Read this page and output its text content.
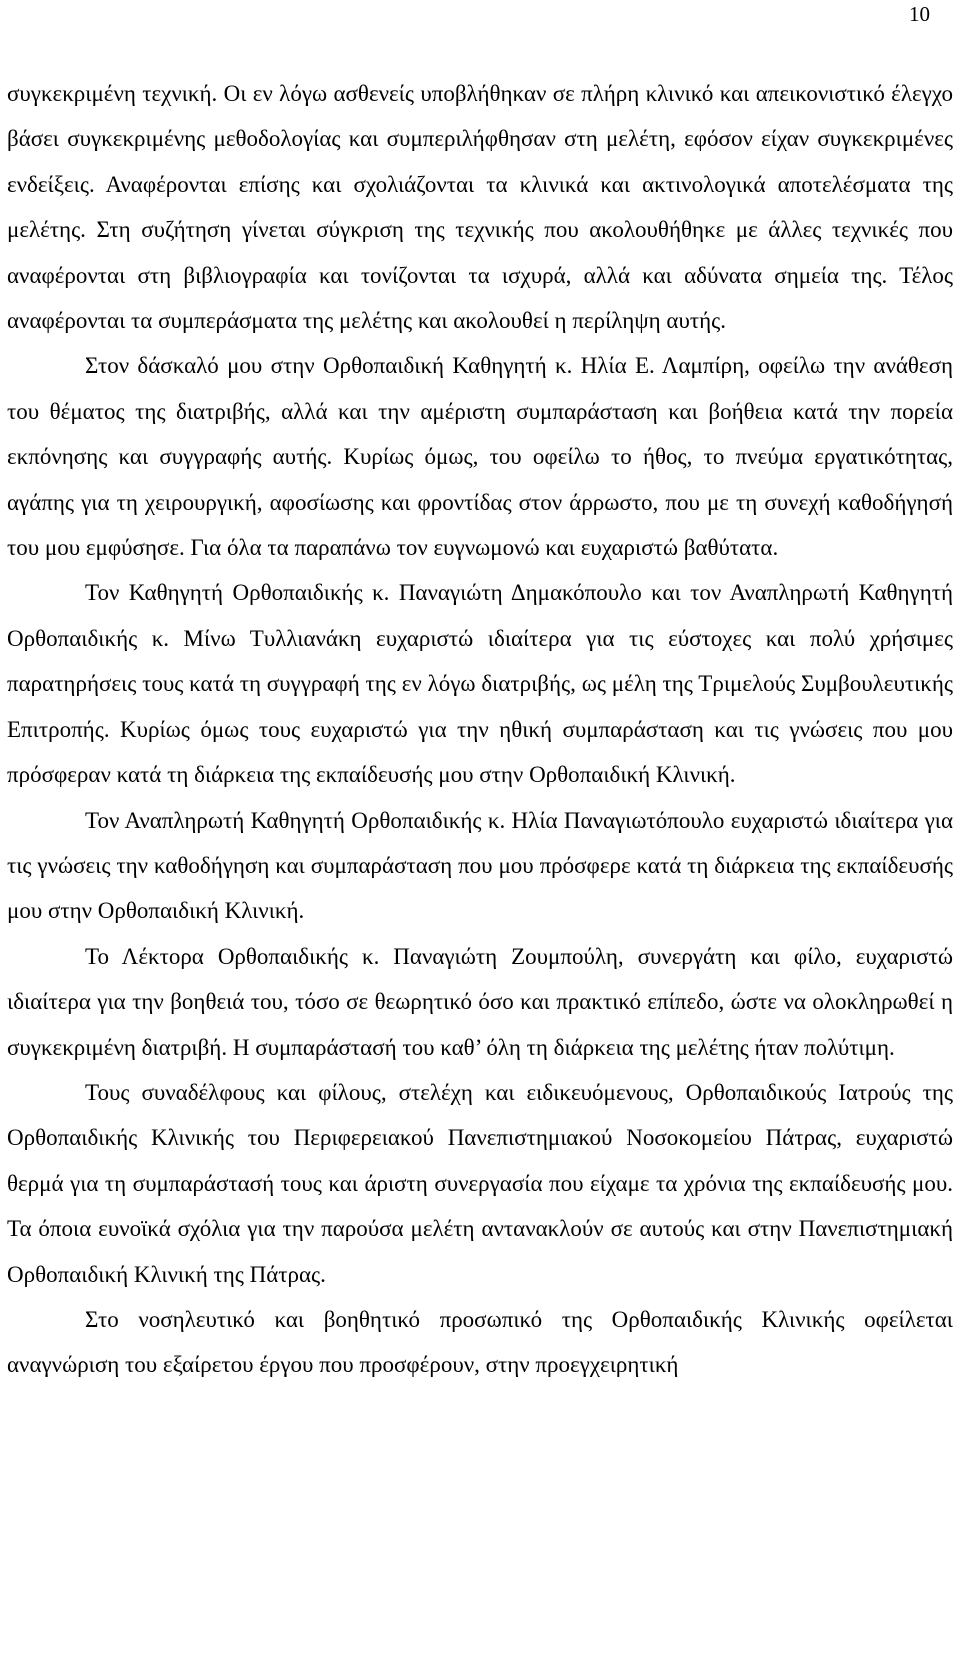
10

συγκεκριμένη τεχνική. Οι εν λόγω ασθενείς υποβλήθηκαν σε πλήρη κλινικό και απεικονιστικό έλεγχο βάσει συγκεκριμένης μεθοδολογίας και συμπεριλήφθησαν στη μελέτη, εφόσον είχαν συγκεκριμένες ενδείξεις. Αναφέρονται επίσης και σχολιάζονται τα κλινικά και ακτινολογικά αποτελέσματα της μελέτης. Στη συζήτηση γίνεται σύγκριση της τεχνικής που ακολουθήθηκε με άλλες τεχνικές που αναφέρονται στη βιβλιογραφία και τονίζονται τα ισχυρά, αλλά και αδύνατα σημεία της. Τέλος αναφέρονται τα συμπεράσματα της μελέτης και ακολουθεί η περίληψη αυτής.

Στον δάσκαλό μου στην Ορθοπαιδική Καθηγητή κ. Ηλία Ε. Λαμπίρη, οφείλω την ανάθεση του θέματος της διατριβής, αλλά και την αμέριστη συμπαράσταση και βοήθεια κατά την πορεία εκπόνησης και συγγραφής αυτής. Κυρίως όμως, του οφείλω το ήθος, το πνεύμα εργατικότητας, αγάπης για τη χειρουργική, αφοσίωσης και φροντίδας στον άρρωστο, που με τη συνεχή καθοδήγησή του μου εμφύσησε. Για όλα τα παραπάνω τον ευγνωμονώ και ευχαριστώ βαθύτατα.

Τον Καθηγητή Ορθοπαιδικής κ. Παναγιώτη Δημακόπουλο και τον Αναπληρωτή Καθηγητή Ορθοπαιδικής κ. Μίνω Τυλλιανάκη ευχαριστώ ιδιαίτερα για τις εύστοχες και πολύ χρήσιμες παρατηρήσεις τους κατά τη συγγραφή της εν λόγω διατριβής, ως μέλη της Τριμελούς Συμβουλευτικής Επιτροπής. Κυρίως όμως τους ευχαριστώ για την ηθική συμπαράσταση και τις γνώσεις που μου πρόσφεραν κατά τη διάρκεια της εκπαίδευσής μου στην Ορθοπαιδική Κλινική.

Τον Αναπληρωτή Καθηγητή Ορθοπαιδικής κ. Ηλία Παναγιωτόπουλο ευχαριστώ ιδιαίτερα για τις γνώσεις την καθοδήγηση και συμπαράσταση που μου πρόσφερε κατά τη διάρκεια της εκπαίδευσής μου στην Ορθοπαιδική Κλινική.

Το Λέκτορα Ορθοπαιδικής κ. Παναγιώτη Ζουμπούλη, συνεργάτη και φίλο, ευχαριστώ ιδιαίτερα για την βοηθειά του, τόσο σε θεωρητικό όσο και πρακτικό επίπεδο, ώστε να ολοκληρωθεί η συγκεκριμένη διατριβή. Η συμπαράστασή του καθ’ όλη τη διάρκεια της μελέτης ήταν πολύτιμη.

Τους συναδέλφους και φίλους, στελέχη και ειδικευόμενους, Ορθοπαιδικούς Ιατρούς της Ορθοπαιδικής Κλινικής του Περιφερειακού Πανεπιστημιακού Νοσοκομείου Πάτρας, ευχαριστώ θερμά για τη συμπαράστασή τους και άριστη συνεργασία που είχαμε τα χρόνια της εκπαίδευσής μου. Τα όποια ευνοϊκά σχόλια για την παρούσα μελέτη αντανακλούν σε αυτούς και στην Πανεπιστημιακή Ορθοπαιδική Κλινική της Πάτρας.

Στο νοσηλευτικό και βοηθητικό προσωπικό της Ορθοπαιδικής Κλινικής οφείλεται αναγνώριση του εξαίρετου έργου που προσφέρουν, στην προεγχειρητική
